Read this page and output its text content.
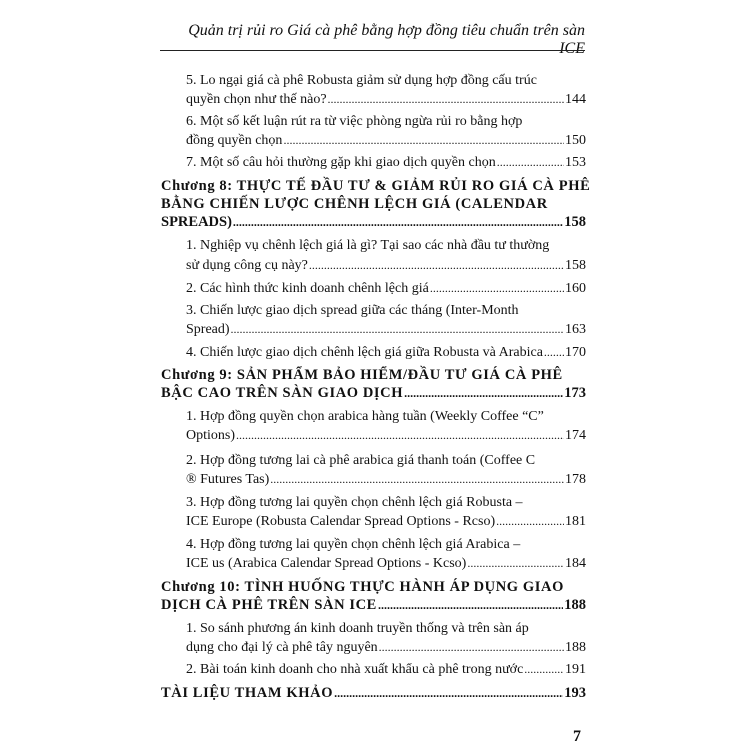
Quản trị rủi ro Giá cà phê bằng hợp đồng tiêu chuẩn trên sàn ICE
5. Lo ngại giá cà phê Robusta giảm sử dụng hợp đồng cấu trúc
quyền chọn như thế nào? .....	144
6. Một số kết luận rút ra từ việc phòng ngừa rủi ro bằng hợp
đồng quyền chọn .....	150
7. Một số câu hỏi thường gặp khi giao dịch quyền chọn .....	153
Chương 8: THỰC TẾ ĐẦU TƯ & GIẢM RỦI RO GIÁ CÀ PHÊ
BẰNG CHIẾN LƯỢC CHÊNH LỆCH GIÁ (CALENDAR
SPREADS) .....	158
1. Nghiệp vụ chênh lệch giá là gì? Tại sao các nhà đầu tư thường
sử dụng công cụ này? .....	158
2. Các hình thức kinh doanh chênh lệch giá .....	160
3. Chiến lược giao dịch spread giữa các tháng (Inter-Month
Spread) .....	163
4. Chiến lược giao dịch chênh lệch giá giữa Robusta và Arabica ..... 170
Chương 9: SẢN PHẨM BẢO HIỂM/ĐẦU TƯ GIÁ CÀ PHÊ
BẬC CAO TRÊN SÀN GIAO DỊCH .....	173
1. Hợp đồng quyền chọn arabica hàng tuần (Weekly Coffee “C”
Options) .....	174
2. Hợp đồng tương lai cà phê arabica giá thanh toán (Coffee C
® Futures Tas) .....	178
3. Hợp đồng tương lai quyền chọn chênh lệch giá Robusta –
ICE Europe (Robusta Calendar Spread Options - Rcso) .....	181
4. Hợp đồng tương lai quyền chọn chênh lệch giá Arabica –
ICE us (Arabica Calendar Spread Options - Kcso) .....	184
Chương 10: TÌNH HUỐNG THỰC HÀNH ÁP DỤNG GIAO
DỊCH CÀ PHÊ TRÊN SÀN ICE .....	188
1. So sánh phương án kinh doanh truyền thống và trên sàn áp
dụng cho đại lý cà phê tây nguyên .....	188
2. Bài toán kinh doanh cho nhà xuất khẩu cà phê trong nước .....	191
TÀI LIỆU THAM KHẢO .....	193
7
